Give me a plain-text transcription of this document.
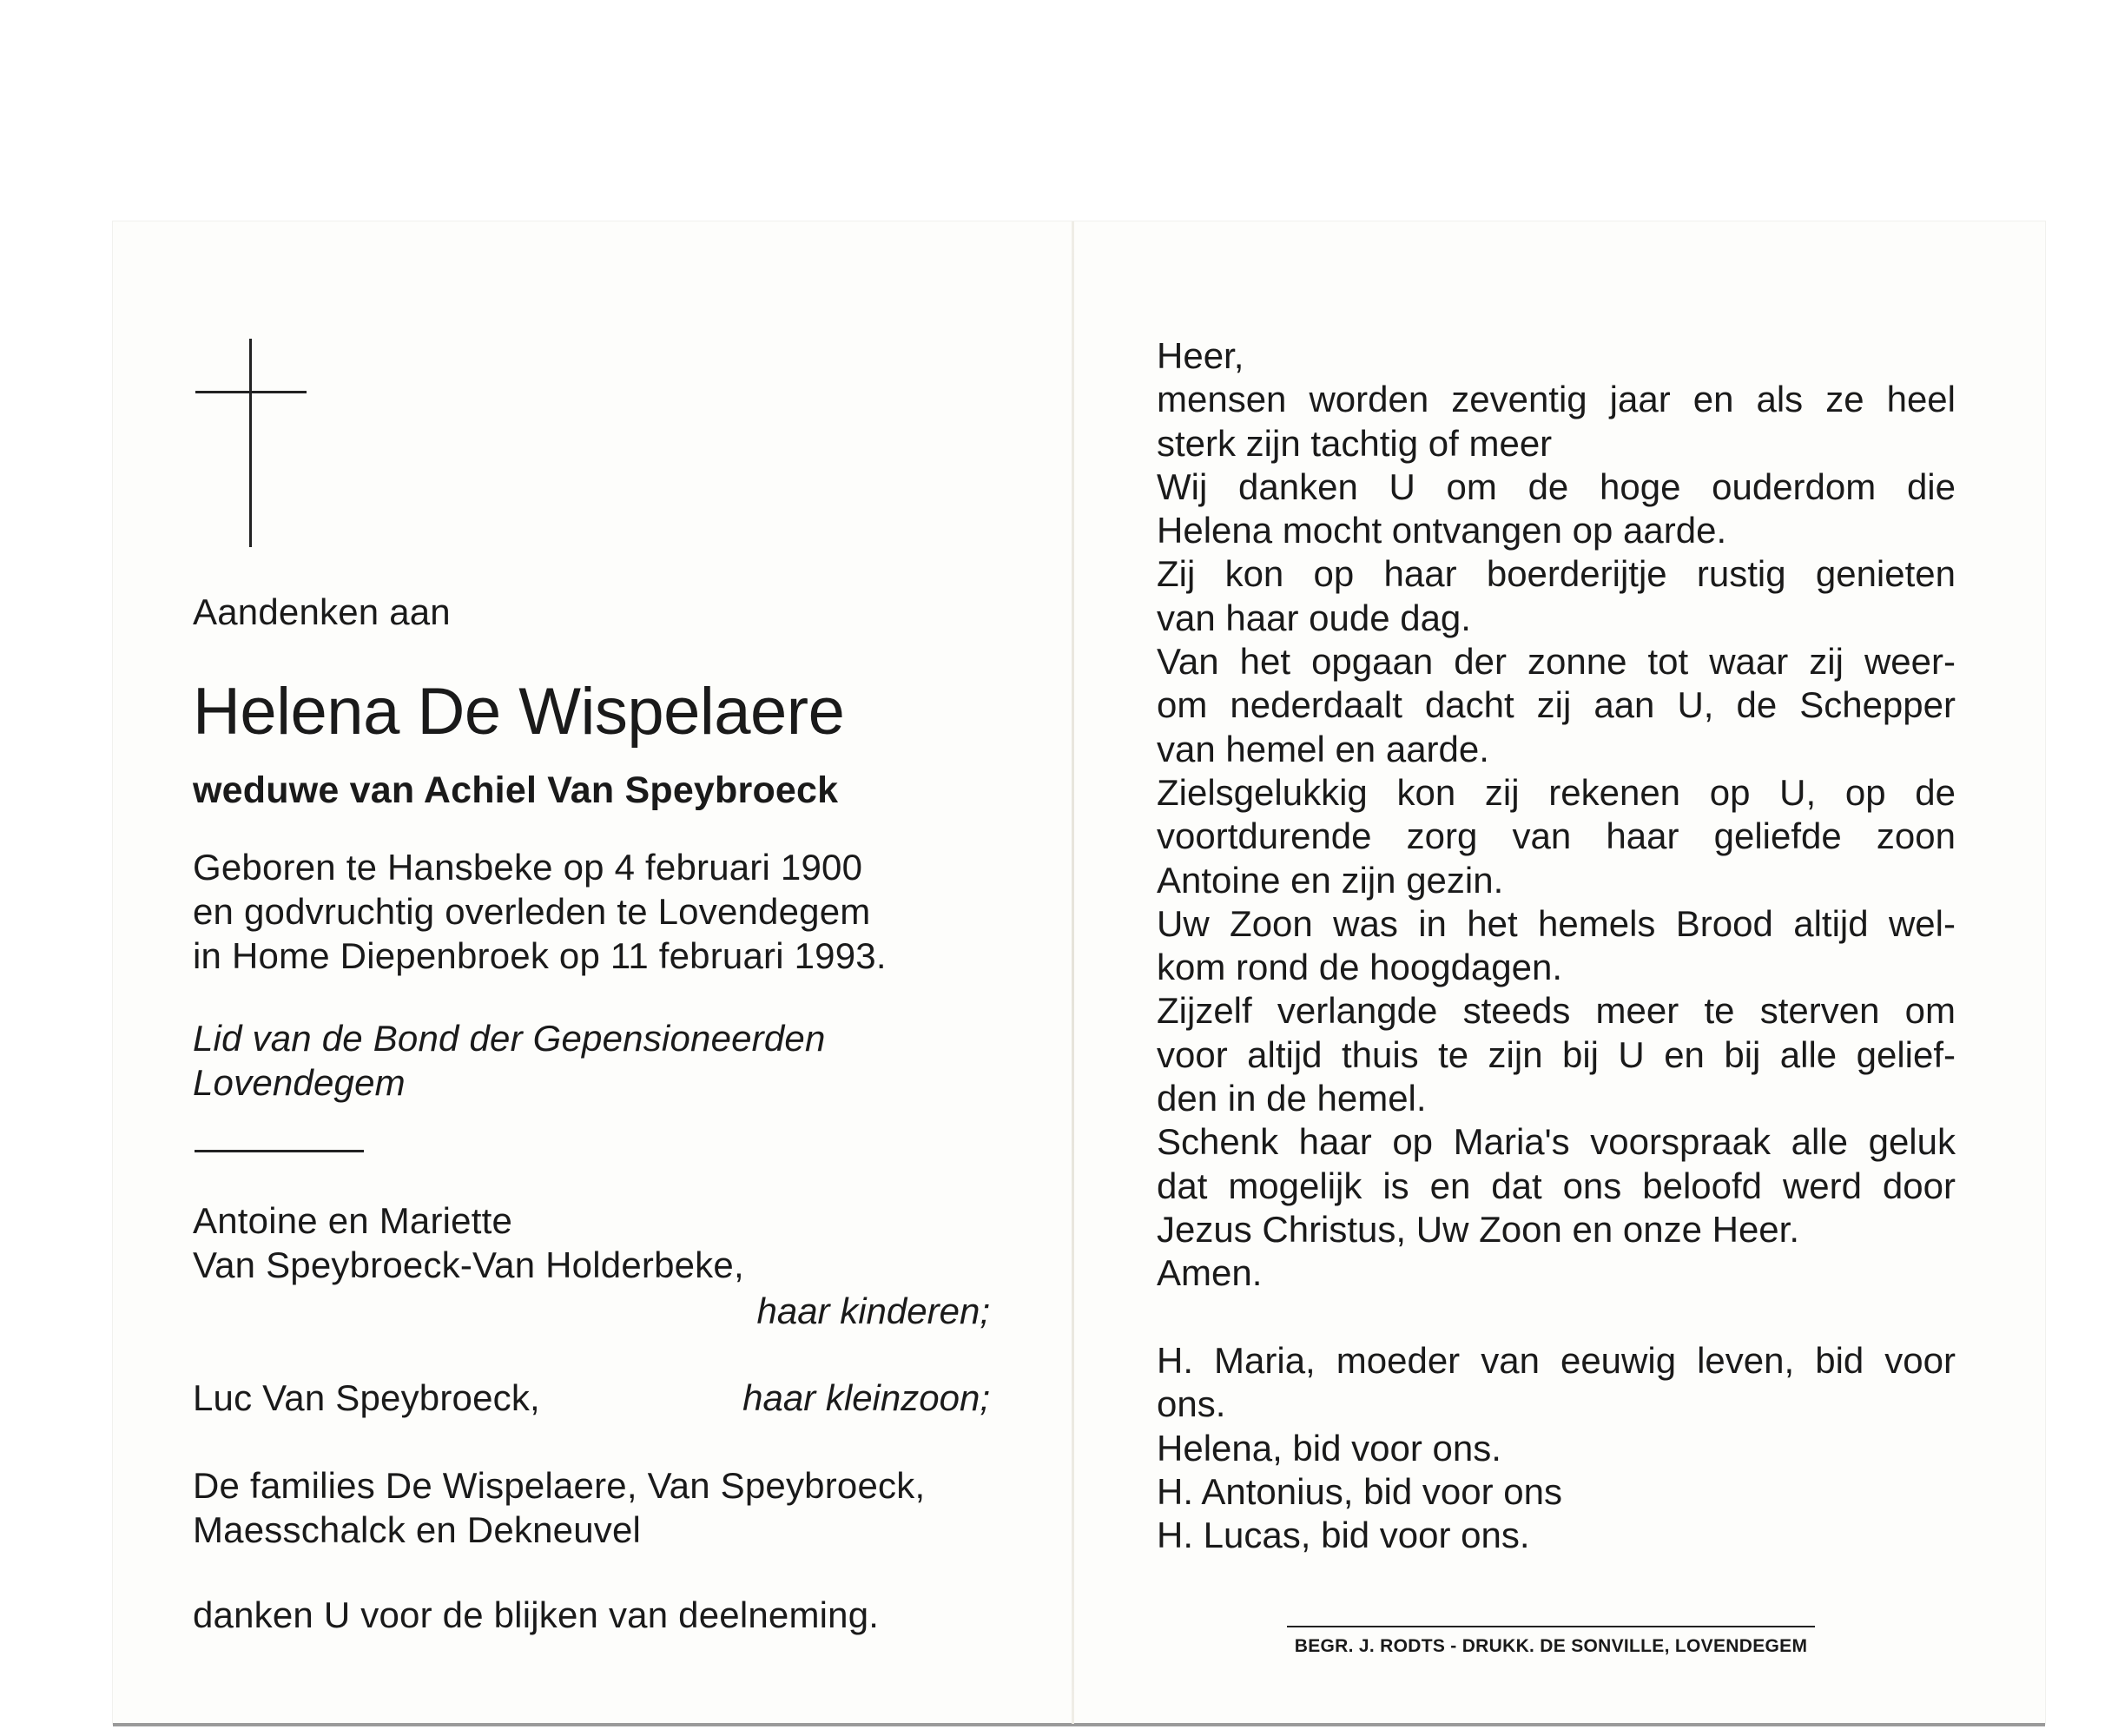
Aandenken aan
Helena De Wispelaere
weduwe van Achiel Van Speybroeck
Geboren te Hansbeke op 4 februari 1900
en godvruchtig overleden te Lovendegem
in Home Diepenbroek op 11 februari 1993.
Lid van de Bond der Gepensioneerden
Lovendegem
Antoine en Mariette
Van Speybroeck-Van Holderbeke,
Luc Van Speybroeck,
De families De Wispelaere, Van Speybroeck,
Maesschalck en Dekneuvel
danken U voor de blijken van deelneming.
haar kinderen;
haar kleinzoon;
Heer,
mensen worden zeventig jaar en als ze heel
sterk zijn tachtig of meer
Wij danken U om de hoge ouderdom die
Helena mocht ontvangen op aarde.
Zij kon op haar boerderijtje rustig genieten
van haar oude dag.
Van het opgaan der zonne tot waar zij weer-
om nederdaalt dacht zij aan U, de Schepper
van hemel en aarde.
Zielsgelukkig kon zij rekenen op U, op de
voortdurende zorg van haar geliefde zoon
Antoine en zijn gezin.
Uw Zoon was in het hemels Brood altijd wel-
kom rond de hoogdagen.
Zijzelf verlangde steeds meer te sterven om
voor altijd thuis te zijn bij U en bij alle gelief-
den in de hemel.
Schenk haar op Maria's voorspraak alle geluk
dat mogelijk is en dat ons beloofd werd door
Jezus Christus, Uw Zoon en onze Heer.
Amen.
H. Maria, moeder van eeuwig leven, bid voor
ons.
Helena, bid voor ons.
H. Antonius, bid voor ons
H. Lucas, bid voor ons.
BEGR. J. RODTS - DRUKK. DE SONVILLE, LOVENDEGEM
